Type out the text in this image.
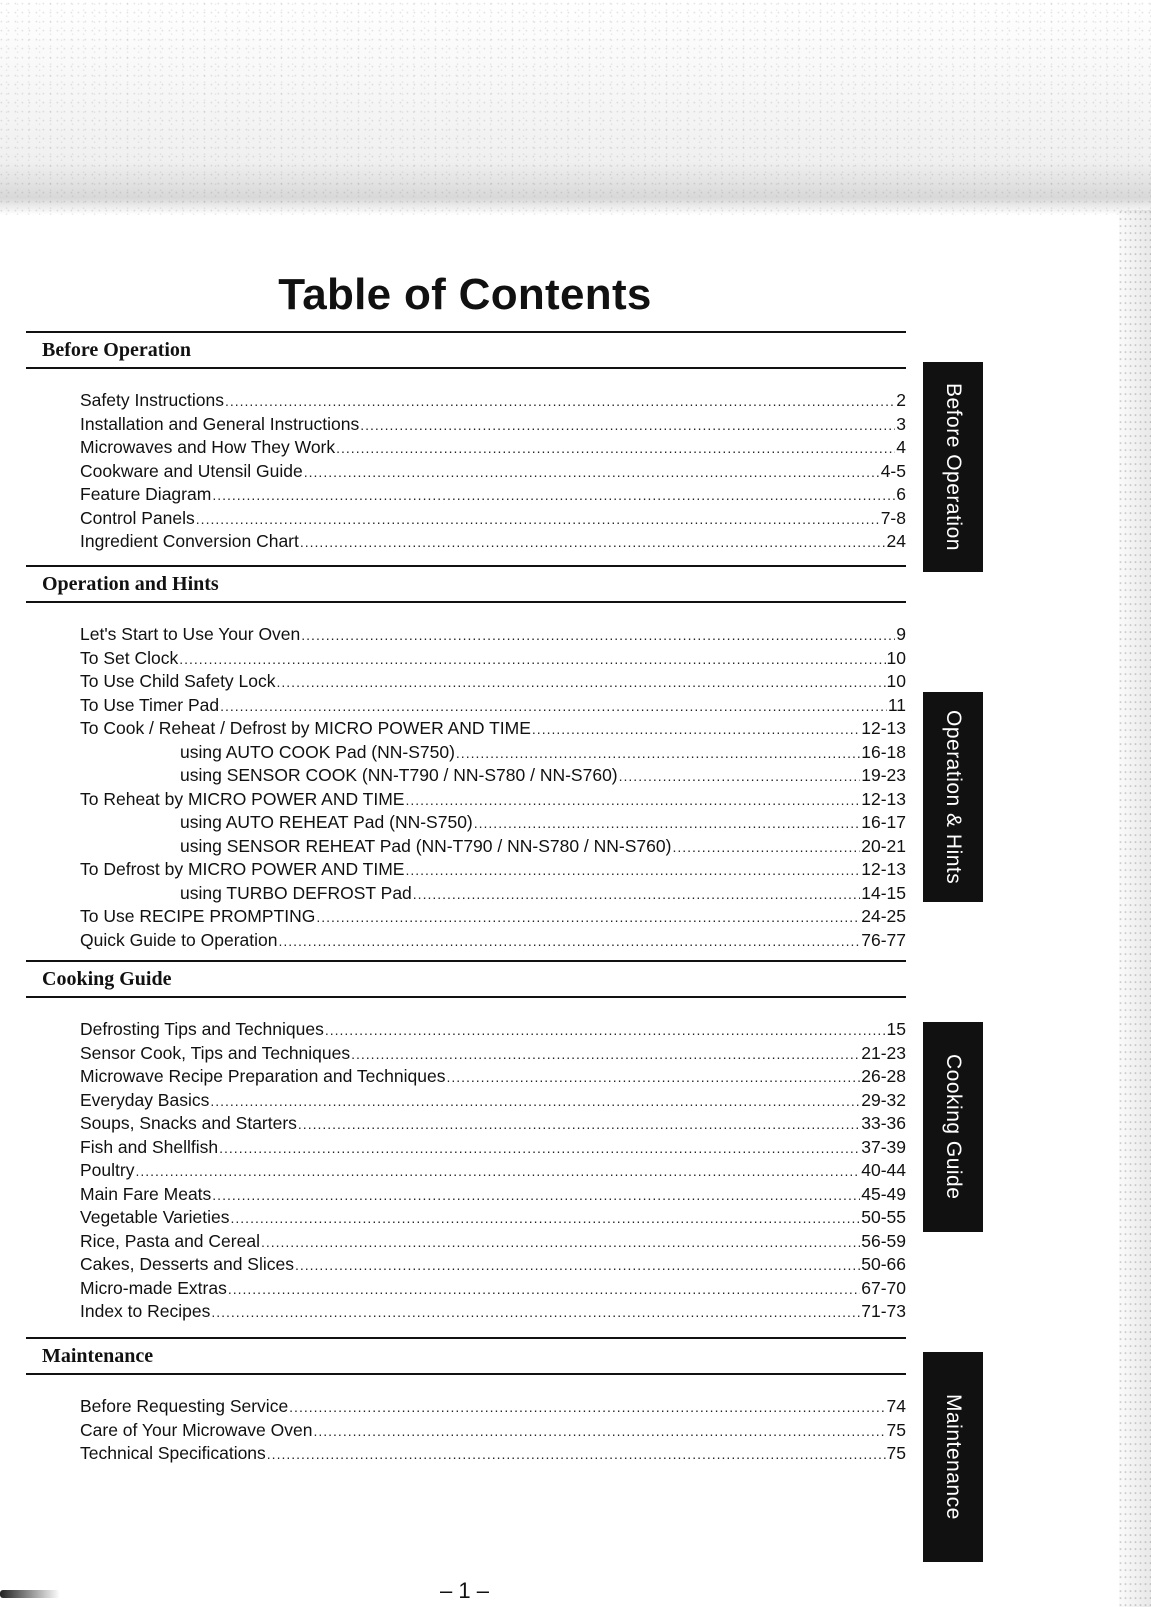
Table of Contents
Before Operation
Safety Instructions .....	2
Installation and General Instructions .....	3
Microwaves and How They Work .....	4
Cookware and Utensil Guide .....	4-5
Feature Diagram .....	6
Control Panels .....	7-8
Ingredient Conversion Chart .....	24
Operation and Hints
Let's Start to Use Your Oven .....	9
To Set Clock .....	10
To Use Child Safety Lock .....	10
To Use Timer Pad .....	11
To Cook / Reheat / Defrost by MICRO POWER AND TIME .....	12-13
using AUTO COOK Pad (NN-S750) .....	16-18
using SENSOR COOK (NN-T790 / NN-S780 / NN-S760) .....	19-23
To Reheat by MICRO POWER AND TIME .....	12-13
using AUTO REHEAT Pad (NN-S750) .....	16-17
using SENSOR REHEAT Pad (NN-T790 / NN-S780 / NN-S760) .....	20-21
To Defrost by MICRO POWER AND TIME .....	12-13
using TURBO DEFROST Pad .....	14-15
To Use RECIPE PROMPTING .....	24-25
Quick Guide to Operation .....	76-77
Cooking Guide
Defrosting Tips and Techniques .....	15
Sensor Cook, Tips and Techniques .....	21-23
Microwave Recipe Preparation and Techniques .....	26-28
Everyday Basics .....	29-32
Soups, Snacks and Starters .....	33-36
Fish and Shellfish .....	37-39
Poultry .....	40-44
Main Fare Meats .....	45-49
Vegetable Varieties .....	50-55
Rice, Pasta and Cereal .....	56-59
Cakes, Desserts and Slices .....	50-66
Micro-made Extras .....	67-70
Index to Recipes .....	71-73
Maintenance
Before Requesting Service .....	74
Care of Your Microwave Oven .....	75
Technical Specifications .....	75
Before Operation
Operation & Hints
Cooking Guide
Maintenance
– 1 –
